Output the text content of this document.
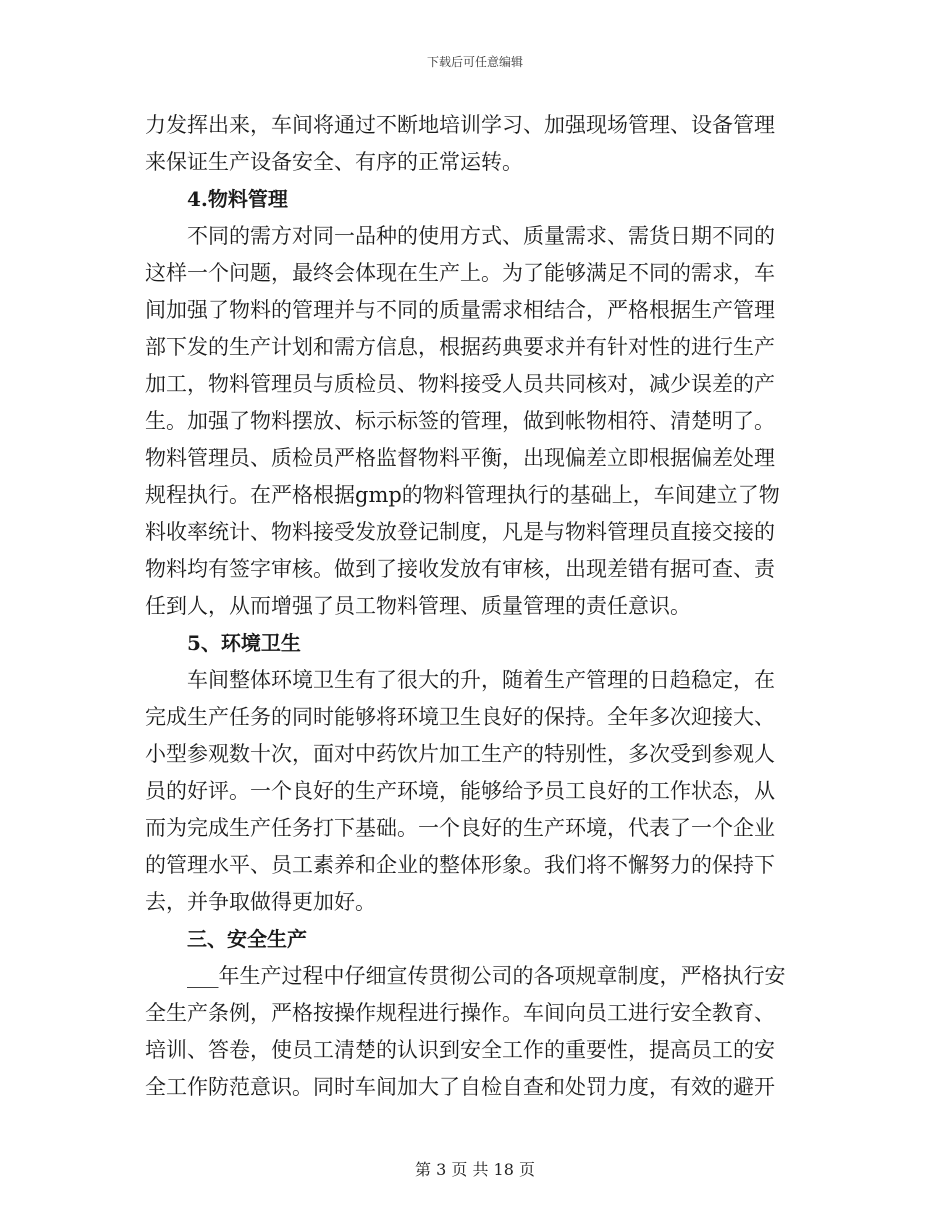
下载后可任意编辑
力发挥出来，车间将通过不断地培训学习、加强现场管理、设备管理
来保证生产设备安全、有序的正常运转。
4.物料管理
不同的需方对同一品种的使用方式、质量需求、需货日期不同的
这样一个问题，最终会体现在生产上。为了能够满足不同的需求，车
间加强了物料的管理并与不同的质量需求相结合，严格根据生产管理
部下发的生产计划和需方信息，根据药典要求并有针对性的进行生产
加工，物料管理员与质检员、物料接受人员共同核对，减少误差的产
生。加强了物料摆放、标示标签的管理，做到帐物相符、清楚明了。
物料管理员、质检员严格监督物料平衡，出现偏差立即根据偏差处理
规程执行。在严格根据gmp的物料管理执行的基础上，车间建立了物
料收率统计、物料接受发放登记制度，凡是与物料管理员直接交接的
物料均有签字审核。做到了接收发放有审核，出现差错有据可查、责
任到人，从而增强了员工物料管理、质量管理的责任意识。
5、环境卫生
车间整体环境卫生有了很大的升，随着生产管理的日趋稳定，在
完成生产任务的同时能够将环境卫生良好的保持。全年多次迎接大、
小型参观数十次，面对中药饮片加工生产的特别性，多次受到参观人
员的好评。一个良好的生产环境，能够给予员工良好的工作状态，从
而为完成生产任务打下基础。一个良好的生产环境，代表了一个企业
的管理水平、员工素养和企业的整体形象。我们将不懈努力的保持下
去，并争取做得更加好。
三、安全生产
___年生产过程中仔细宣传贯彻公司的各项规章制度，严格执行安
全生产条例，严格按操作规程进行操作。车间向员工进行安全教育、
培训、答卷，使员工清楚的认识到安全工作的重要性，提高员工的安
全工作防范意识。同时车间加大了自检自查和处罚力度，有效的避开
第 3 页 共 18 页
